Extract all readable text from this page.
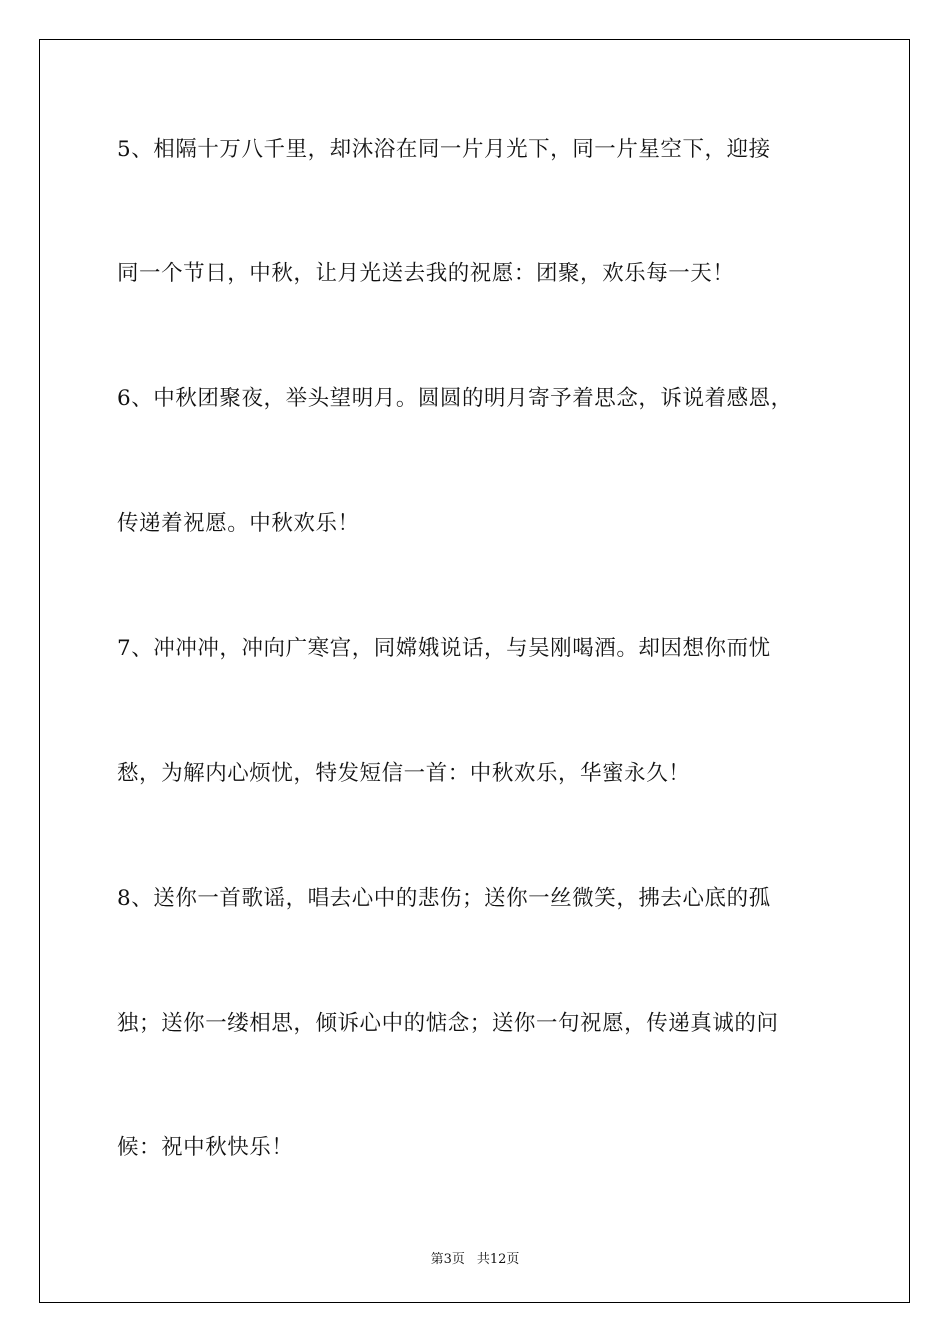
5、相隔十万八千里，却沐浴在同一片月光下，同一片星空下，迎接
同一个节日，中秋，让月光送去我的祝愿：团聚，欢乐每一天！
6、中秋团聚夜，举头望明月。圆圆的明月寄予着思念，诉说着感恩，
传递着祝愿。中秋欢乐！
7、冲冲冲，冲向广寒宫，同嫦娥说话，与吴刚喝酒。却因想你而忧
愁，为解内心烦忧，特发短信一首：中秋欢乐，华蜜永久！
8、送你一首歌谣，唱去心中的悲伤；送你一丝微笑，拂去心底的孤
独；送你一缕相思，倾诉心中的惦念；送你一句祝愿，传递真诚的问
候：祝中秋快乐！
第3页 共12页
